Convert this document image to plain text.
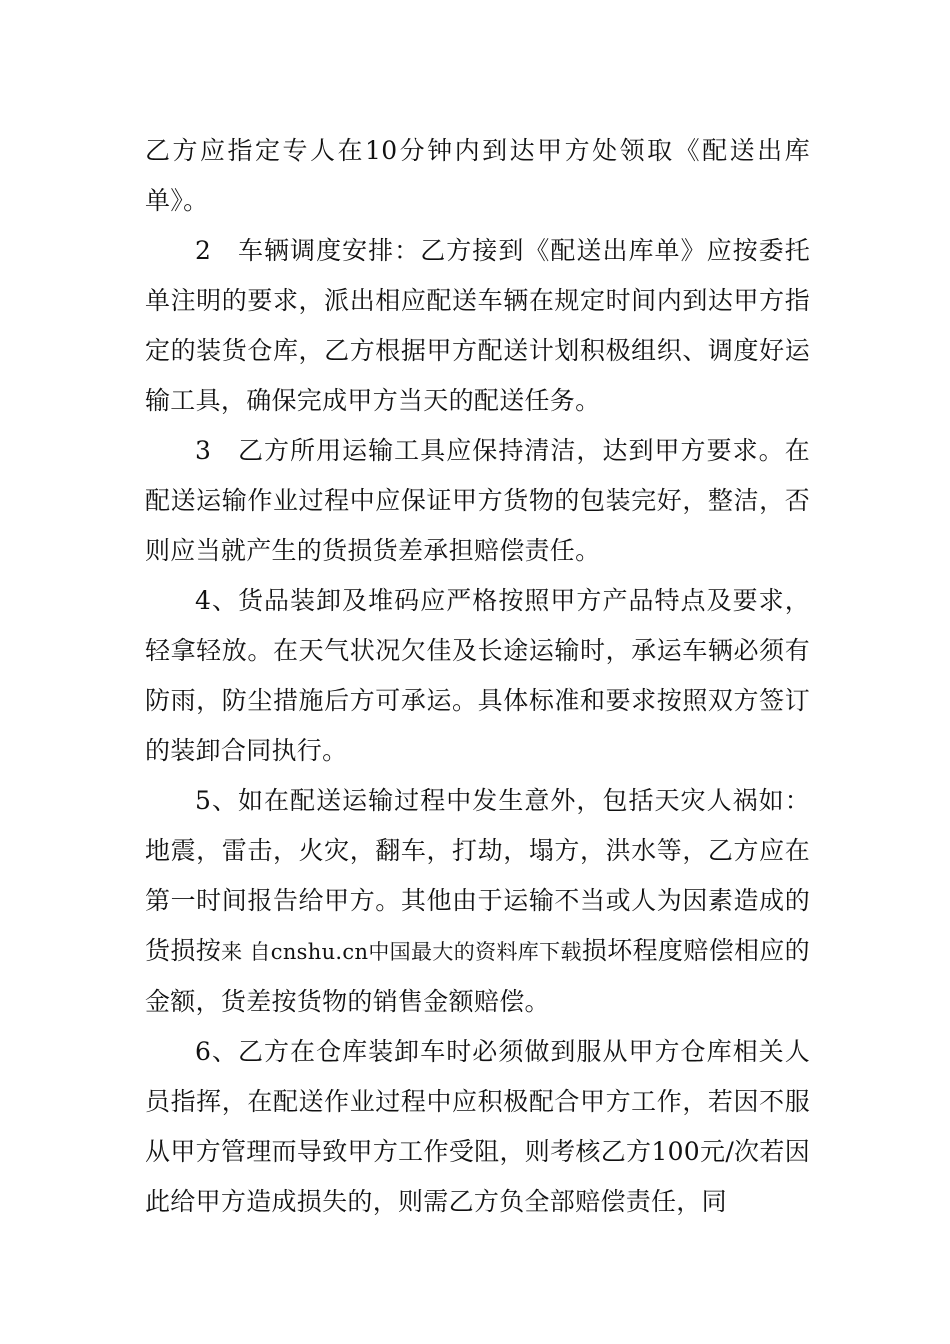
乙方应指定专人在10分钟内到达甲方处领取《配送出库单》。

2　车辆调度安排：乙方接到《配送出库单》应按委托单注明的要求，派出相应配送车辆在规定时间内到达甲方指定的装货仓库，乙方根据甲方配送计划积极组织、调度好运输工具，确保完成甲方当天的配送任务。

3　乙方所用运输工具应保持清洁，达到甲方要求。在配送运输作业过程中应保证甲方货物的包装完好，整洁，否则应当就产生的货损货差承担赔偿责任。

4、货品装卸及堆码应严格按照甲方产品特点及要求，轻拿轻放。在天气状况欠佳及长途运输时，承运车辆必须有防雨，防尘措施后方可承运。具体标准和要求按照双方签订的装卸合同执行。

5、如在配送运输过程中发生意外，包括天灾人祸如：地震，雷击，火灾，翻车，打劫，塌方，洪水等，乙方应在第一时间报告给甲方。其他由于运输不当或人为因素造成的货损按来 自cnshu.cn中国最大的资料库下载损坏程度赔偿相应的金额，货差按货物的销售金额赔偿。

6、乙方在仓库装卸车时必须做到服从甲方仓库相关人员指挥，在配送作业过程中应积极配合甲方工作，若因不服从甲方管理而导致甲方工作受阻，则考核乙方100元/次若因此给甲方造成损失的，则需乙方负全部赔偿责任，同
